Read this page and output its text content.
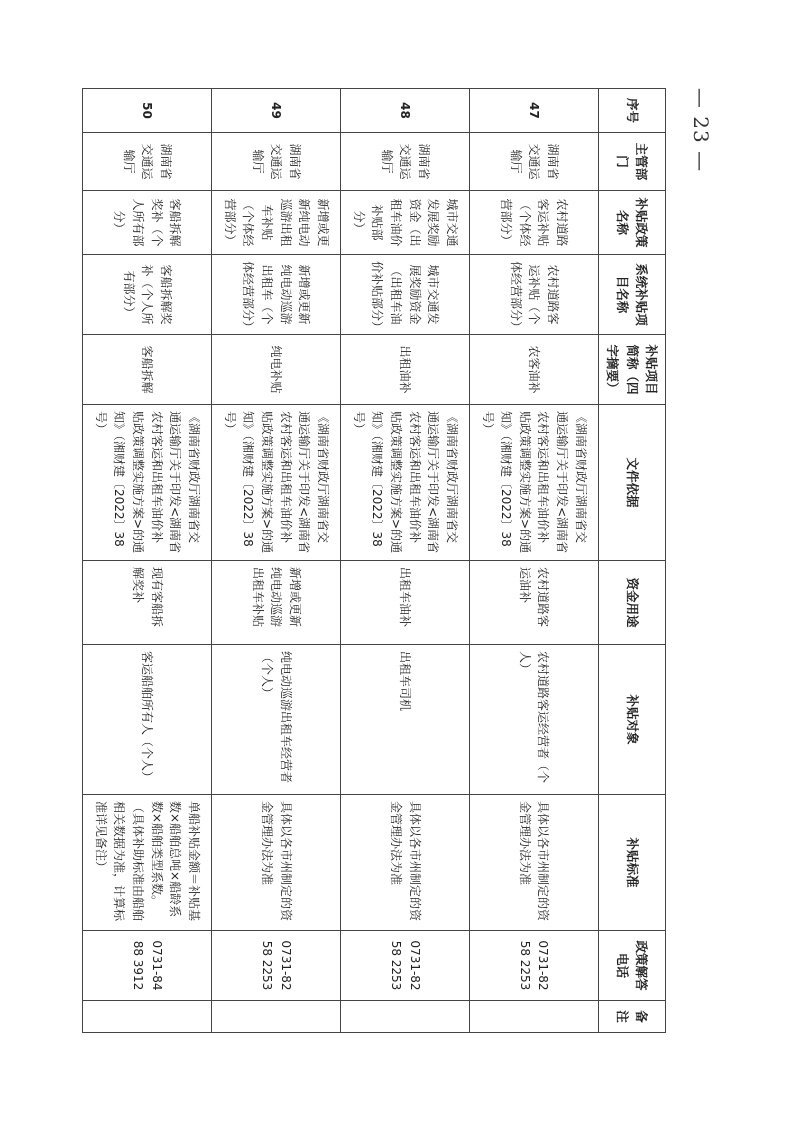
— 23 —
序号	主管部门	补贴政策名称	系统补贴项目名称	补贴项目简称（四字摘要）	文件依据	资金用途	补贴对象	补贴标准	政策解答电话	备注
47	湖南省交通运输厅	农村道路客运补贴（个体经营部分）	农村道路客运补贴（个体经营部分）	农客油补	《湖南省财政厅湖南省交通运输厅关于印发<湖南省农村客运和出租车油价补贴政策调整实施方案>的通知》（湘财建〔2022〕38号）	农村道路客运油补	农村道路客运经营者（个人）	具体以各市州制定的资金管理办法为准	0731-8258 2253	
48	湖南省交通运输厅	城市交通发展奖励资金（出租车油价补贴部分）	城市交通发展奖励资金（出租车油价补贴部分）	出租油补	《湖南省财政厅湖南省交通运输厅关于印发<湖南省农村客运和出租车油价补贴政策调整实施方案>的通知》（湘财建〔2022〕38号）	出租车油补	出租车司机	具体以各市州制定的资金管理办法为准	0731-8258 2253	
49	湖南省交通运输厅	新增或更新纯电动巡游出租车补贴（个体经营部分）	新增或更新纯电动巡游出租车（个体经营部分）	纯电补贴	《湖南省财政厅湖南省交通运输厅关于印发<湖南省农村客运和出租车油价补贴政策调整实施方案>的通知》（湘财建〔2022〕38号）	新增或更新纯电动巡游出租车补贴	纯电动巡游出租车经营者（个人）	具体以各市州制定的资金管理办法为准	0731-8258 2253	
50	湖南省交通运输厅	客船拆解奖补（个人所有部分）	客船拆解奖补（个人所有部分）	客船拆解	《湖南省财政厅湖南省交通运输厅关于印发<湖南省农村客运和出租车油价补贴政策调整实施方案>的通知》（湘财建〔2022〕38号）	现有客船拆解奖补	客运船舶所有人（个人）	单船补贴金额＝补贴基数×船舶总吨×船龄系数×船舶类型系数。（具体补助标准由船舶相关数据为准，计算标准详见备注）	0731-8488 3912	
